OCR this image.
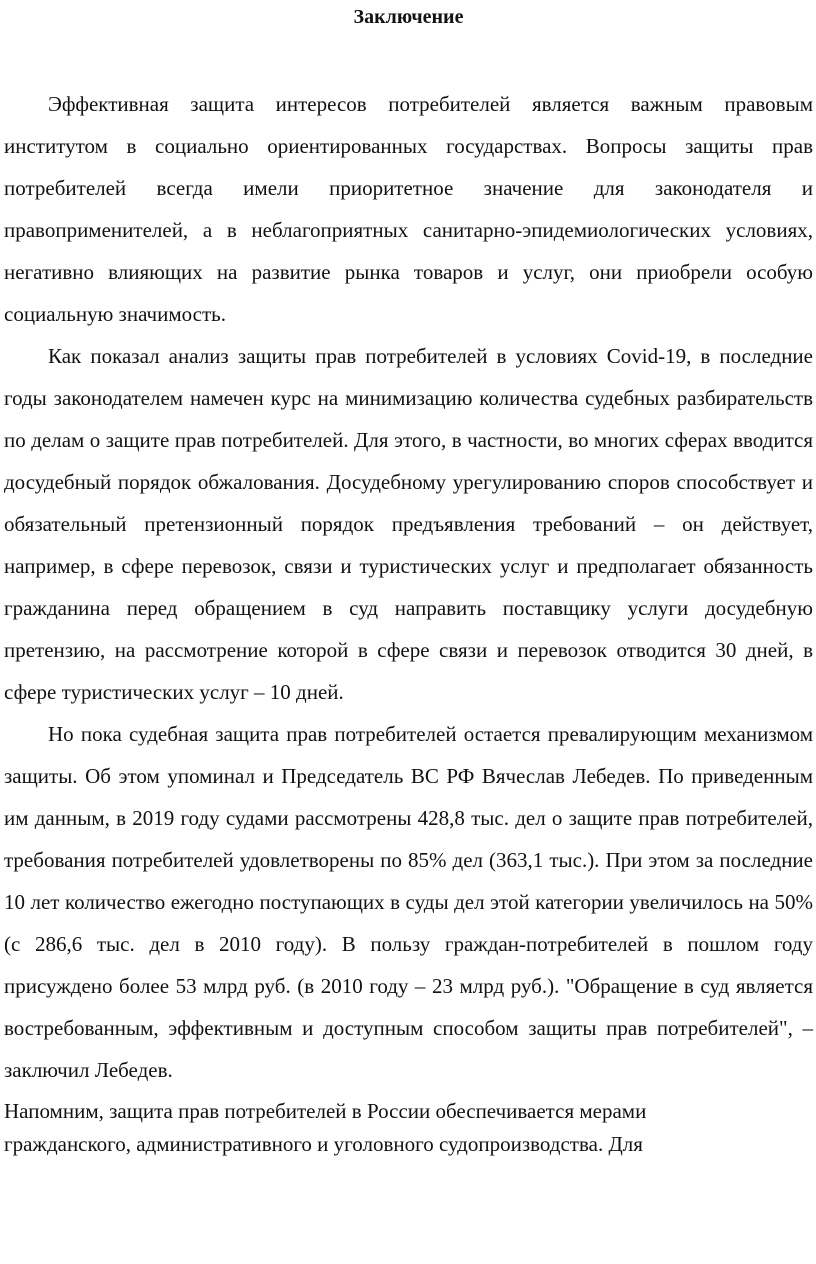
Заключение

Эффективная защита интересов потребителей является важным правовым институтом в социально ориентированных государствах. Вопросы защиты прав потребителей всегда имели приоритетное значение для законодателя и правоприменителей, а в неблагоприятных санитарно-эпидемиологических условиях, негативно влияющих на развитие рынка товаров и услуг, они приобрели особую социальную значимость.

Как показал анализ защиты прав потребителей в условиях Covid-19, в последние годы законодателем намечен курс на минимизацию количества судебных разбирательств по делам о защите прав потребителей. Для этого, в частности, во многих сферах вводится досудебный порядок обжалования. Досудебному урегулированию споров способствует и обязательный претензионный порядок предъявления требований – он действует, например, в сфере перевозок, связи и туристических услуг и предполагает обязанность гражданина перед обращением в суд направить поставщику услуги досудебную претензию, на рассмотрение которой в сфере связи и перевозок отводится 30 дней, в сфере туристических услуг – 10 дней.

Но пока судебная защита прав потребителей остается превалирующим механизмом защиты. Об этом упоминал и Председатель ВС РФ Вячеслав Лебедев. По приведенным им данным, в 2019 году судами рассмотрены 428,8 тыс. дел о защите прав потребителей, требования потребителей удовлетворены по 85% дел (363,1 тыс.). При этом за последние 10 лет количество ежегодно поступающих в суды дел этой категории увеличилось на 50% (с 286,6 тыс. дел в 2010 году). В пользу граждан-потребителей в пошлом году присуждено более 53 млрд руб. (в 2010 году – 23 млрд руб.). "Обращение в суд является востребованным, эффективным и доступным способом защиты прав потребителей", – заключил Лебедев.

Напомним, защита прав потребителей в России обеспечивается мерами гражданского, административного и уголовного судопроизводства. Для
